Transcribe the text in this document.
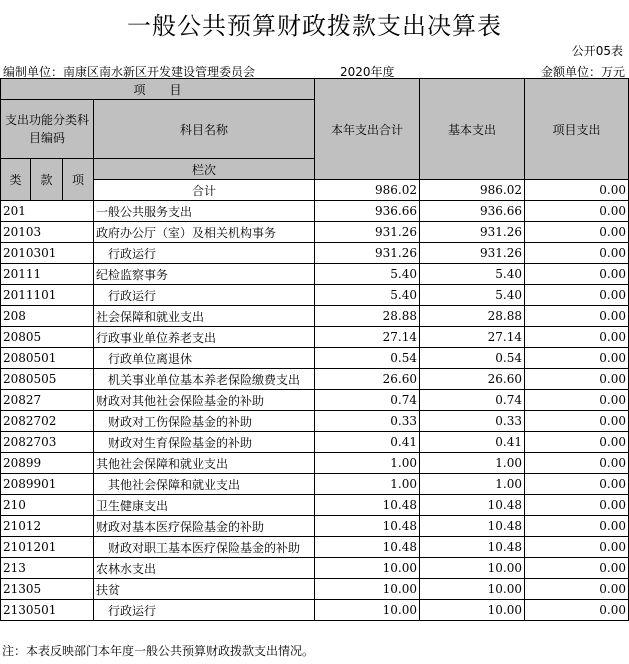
一般公共预算财政拨款支出决算表
公开05表
编制单位：南康区南水新区开发建设管理委员会	2020年度	金额单位：万元
项　　目				本年支出合计	基本支出	项目支出	
支出功能分类科目编码			科目名称				

类	款	项	栏次			
			合计	986.02	986.02	0.00	
201			一般公共服务支出	936.66	936.66	0.00	
20103			政府办公厅（室）及相关机构事务	931.26	931.26	0.00	
2010301			行政运行	931.26	931.26	0.00	
20111			纪检监察事务	5.40	5.40	0.00	
2011101			行政运行	5.40	5.40	0.00	
208			社会保障和就业支出	28.88	28.88	0.00	
20805			行政事业单位养老支出	27.14	27.14	0.00	
2080501			行政单位离退休	0.54	0.54	0.00	
2080505			机关事业单位基本养老保险缴费支出	26.60	26.60	0.00	
20827			财政对其他社会保险基金的补助	0.74	0.74	0.00	
2082702			财政对工伤保险基金的补助	0.33	0.33	0.00	
2082703			财政对生育保险基金的补助	0.41	0.41	0.00	
20899			其他社会保障和就业支出	1.00	1.00	0.00	
2089901			其他社会保障和就业支出	1.00	1.00	0.00	
210			卫生健康支出	10.48	10.48	0.00	
21012			财政对基本医疗保险基金的补助	10.48	10.48	0.00	
2101201			财政对职工基本医疗保险基金的补助	10.48	10.48	0.00	
213			农林水支出	10.00	10.00	0.00	
21305			扶贫	10.00	10.00	0.00	
2130501			行政运行	10.00	10.00	0.00	
注：本表反映部门本年度一般公共预算财政拨款支出情况。
